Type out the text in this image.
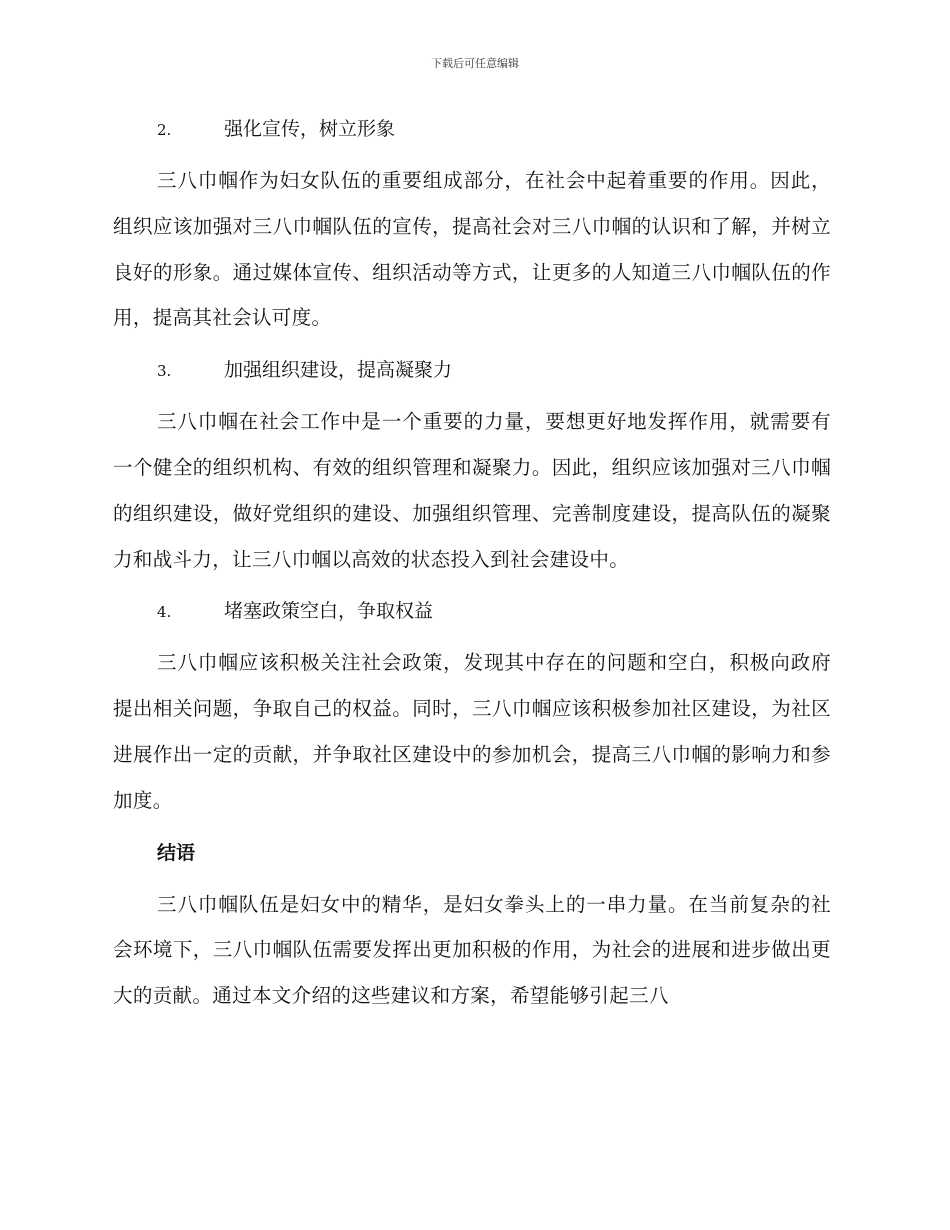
下载后可任意编辑
2.	强化宣传，树立形象

三八巾帼作为妇女队伍的重要组成部分，在社会中起着重要的作用。因此，组织应该加强对三八巾帼队伍的宣传，提高社会对三八巾帼的认识和了解，并树立良好的形象。通过媒体宣传、组织活动等方式，让更多的人知道三八巾帼队伍的作用，提高其社会认可度。

3.	加强组织建设，提高凝聚力

三八巾帼在社会工作中是一个重要的力量，要想更好地发挥作用，就需要有一个健全的组织机构、有效的组织管理和凝聚力。因此，组织应该加强对三八巾帼的组织建设，做好党组织的建设、加强组织管理、完善制度建设，提高队伍的凝聚力和战斗力，让三八巾帼以高效的状态投入到社会建设中。

4.	堵塞政策空白，争取权益

三八巾帼应该积极关注社会政策，发现其中存在的问题和空白，积极向政府提出相关问题，争取自己的权益。同时，三八巾帼应该积极参加社区建设，为社区进展作出一定的贡献，并争取社区建设中的参加机会，提高三八巾帼的影响力和参加度。

结语

三八巾帼队伍是妇女中的精华，是妇女拳头上的一串力量。在当前复杂的社会环境下，三八巾帼队伍需要发挥出更加积极的作用，为社会的进展和进步做出更大的贡献。通过本文介绍的这些建议和方案，希望能够引起三八
